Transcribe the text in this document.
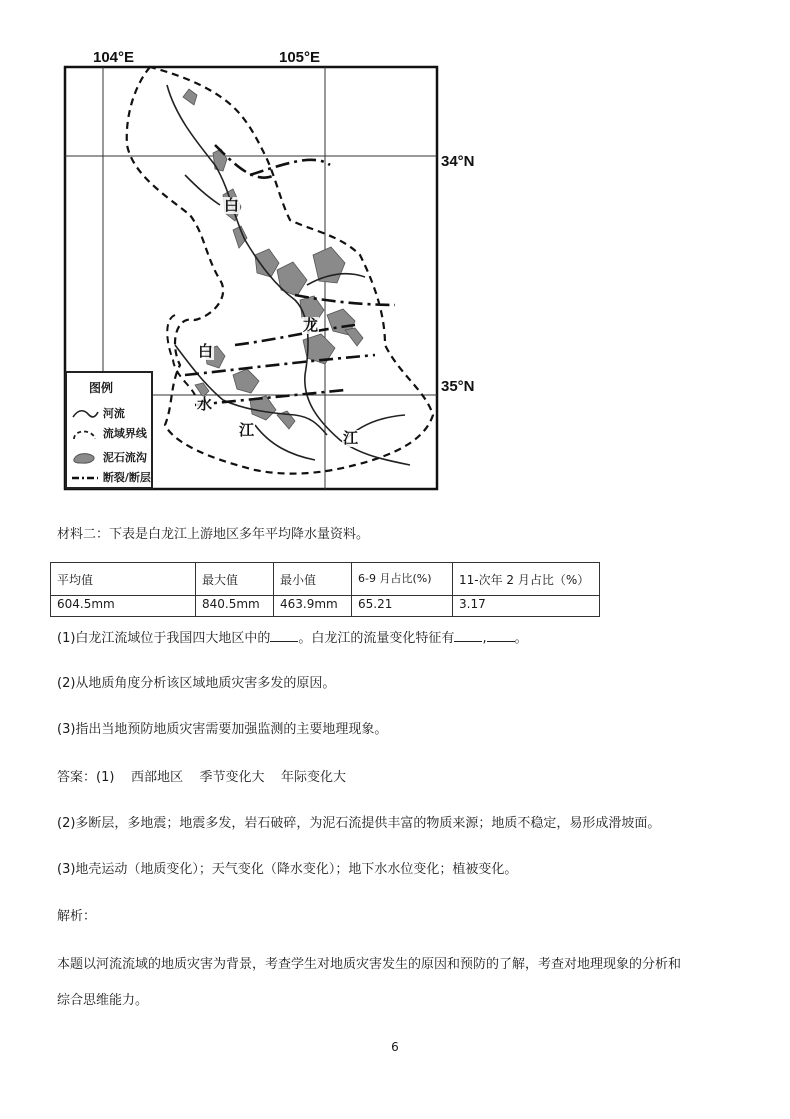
104°E	105°E
34°N
35°N
白
龙
白
水
江	江
图例
河流
流域界线
泥石流沟
断裂/断层
材料二：下表是白龙江上游地区多年平均降水量资料。
平均值	最大值	最小值	6-9 月占比(%)	11-次年 2 月占比（%）
604.5mm	840.5mm	463.9mm	65.21	3.17
(1)白龙江流域位于我国四大地区中的 。白龙江的流量变化特征有 , 。
(2)从地质角度分析该区域地质灾害多发的原因。
(3)指出当地预防地质灾害需要加强监测的主要地理现象。
答案：(1)    西部地区    季节变化大    年际变化大
(2)多断层，多地震；地震多发，岩石破碎，为泥石流提供丰富的物质来源；地质不稳定，易形成滑坡面。
(3)地壳运动（地质变化）；天气变化（降水变化）；地下水水位变化；植被变化。
解析：
本题以河流流域的地质灾害为背景，考查学生对地质灾害发生的原因和预防的了解，考查对地理现象的分析和
综合思维能力。
6
